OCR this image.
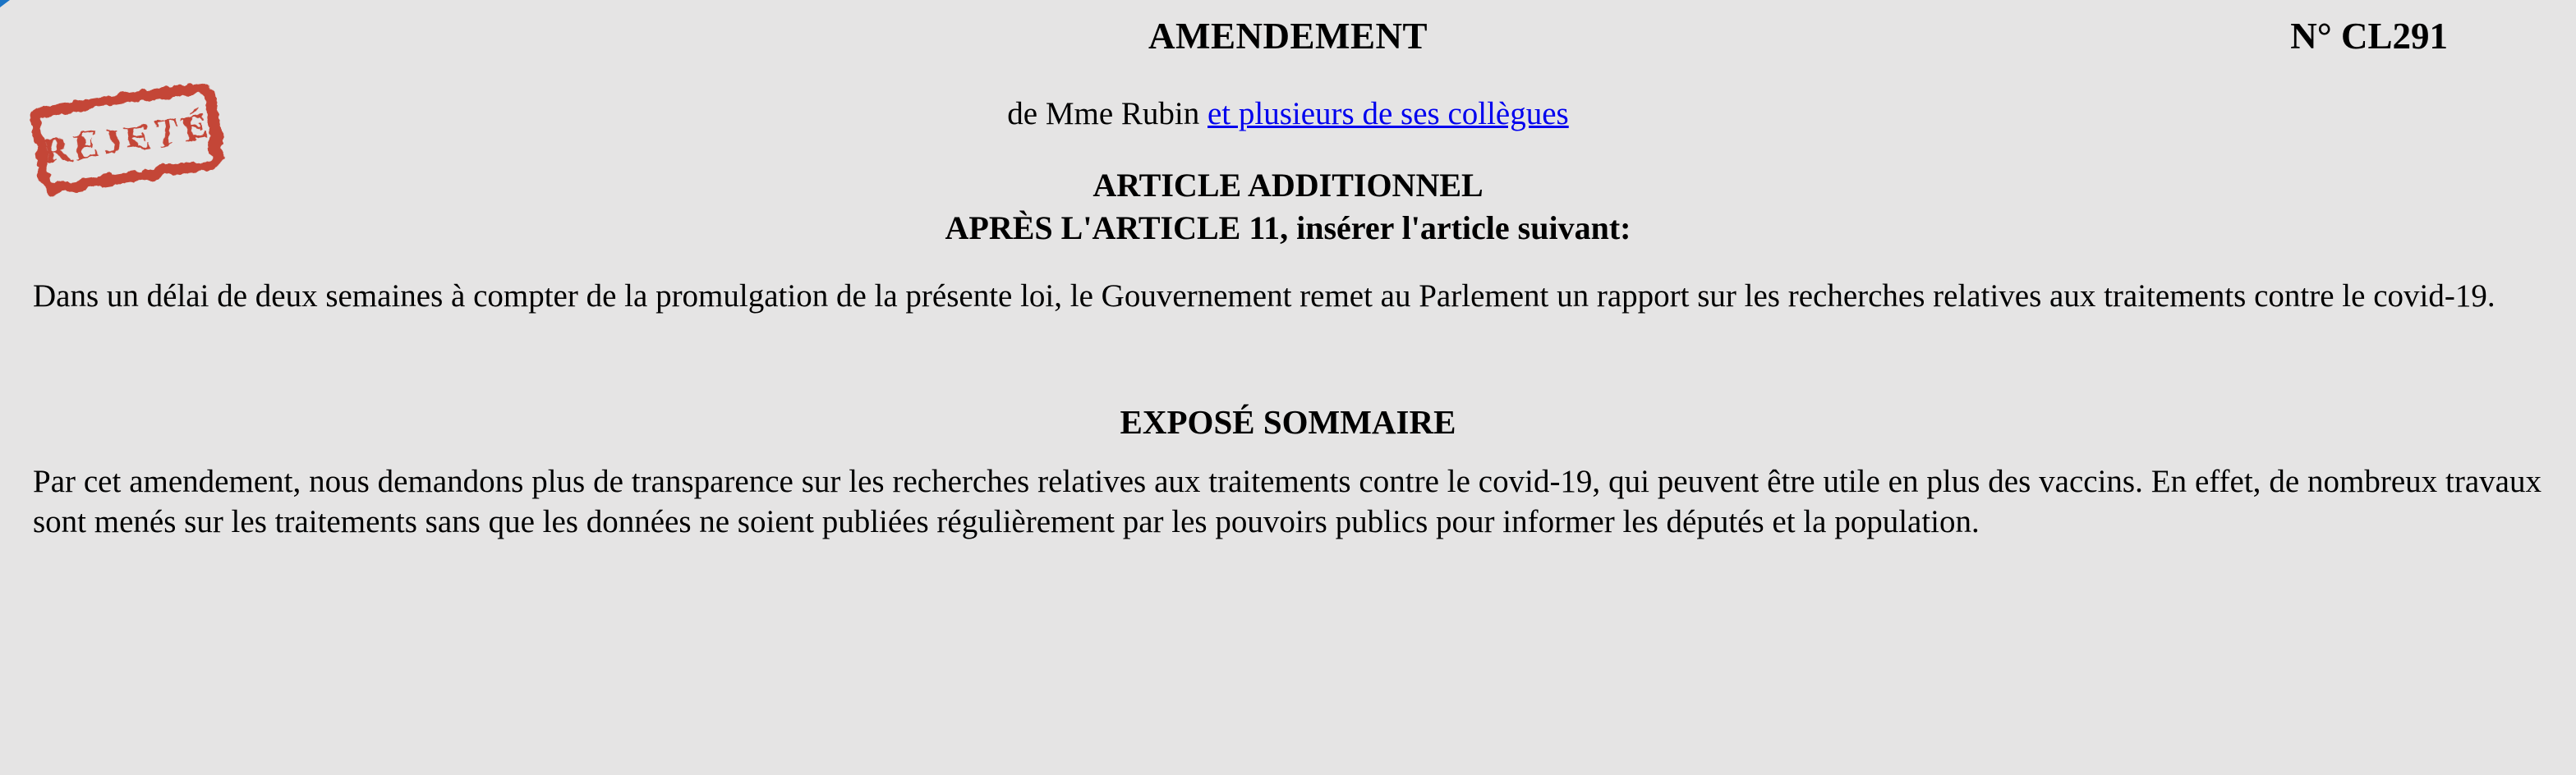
AMENDEMENT	N° CL291
REJETÉ	de Mme Rubin et plusieurs de ses collègues
ARTICLE ADDITIONNEL
APRÈS L'ARTICLE 11, insérer l'article suivant:
Dans un délai de deux semaines à compter de la promulgation de la présente loi, le Gouvernement remet au Parlement un rapport sur les recherches relatives aux traitements contre le covid-19.
EXPOSÉ SOMMAIRE
Par cet amendement, nous demandons plus de transparence sur les recherches relatives aux traitements contre le covid-19, qui peuvent être utile en plus des vaccins. En effet, de nombreux travaux sont menés sur les traitements sans que les données ne soient publiées régulièrement par les pouvoirs publics pour informer les députés et la population.
